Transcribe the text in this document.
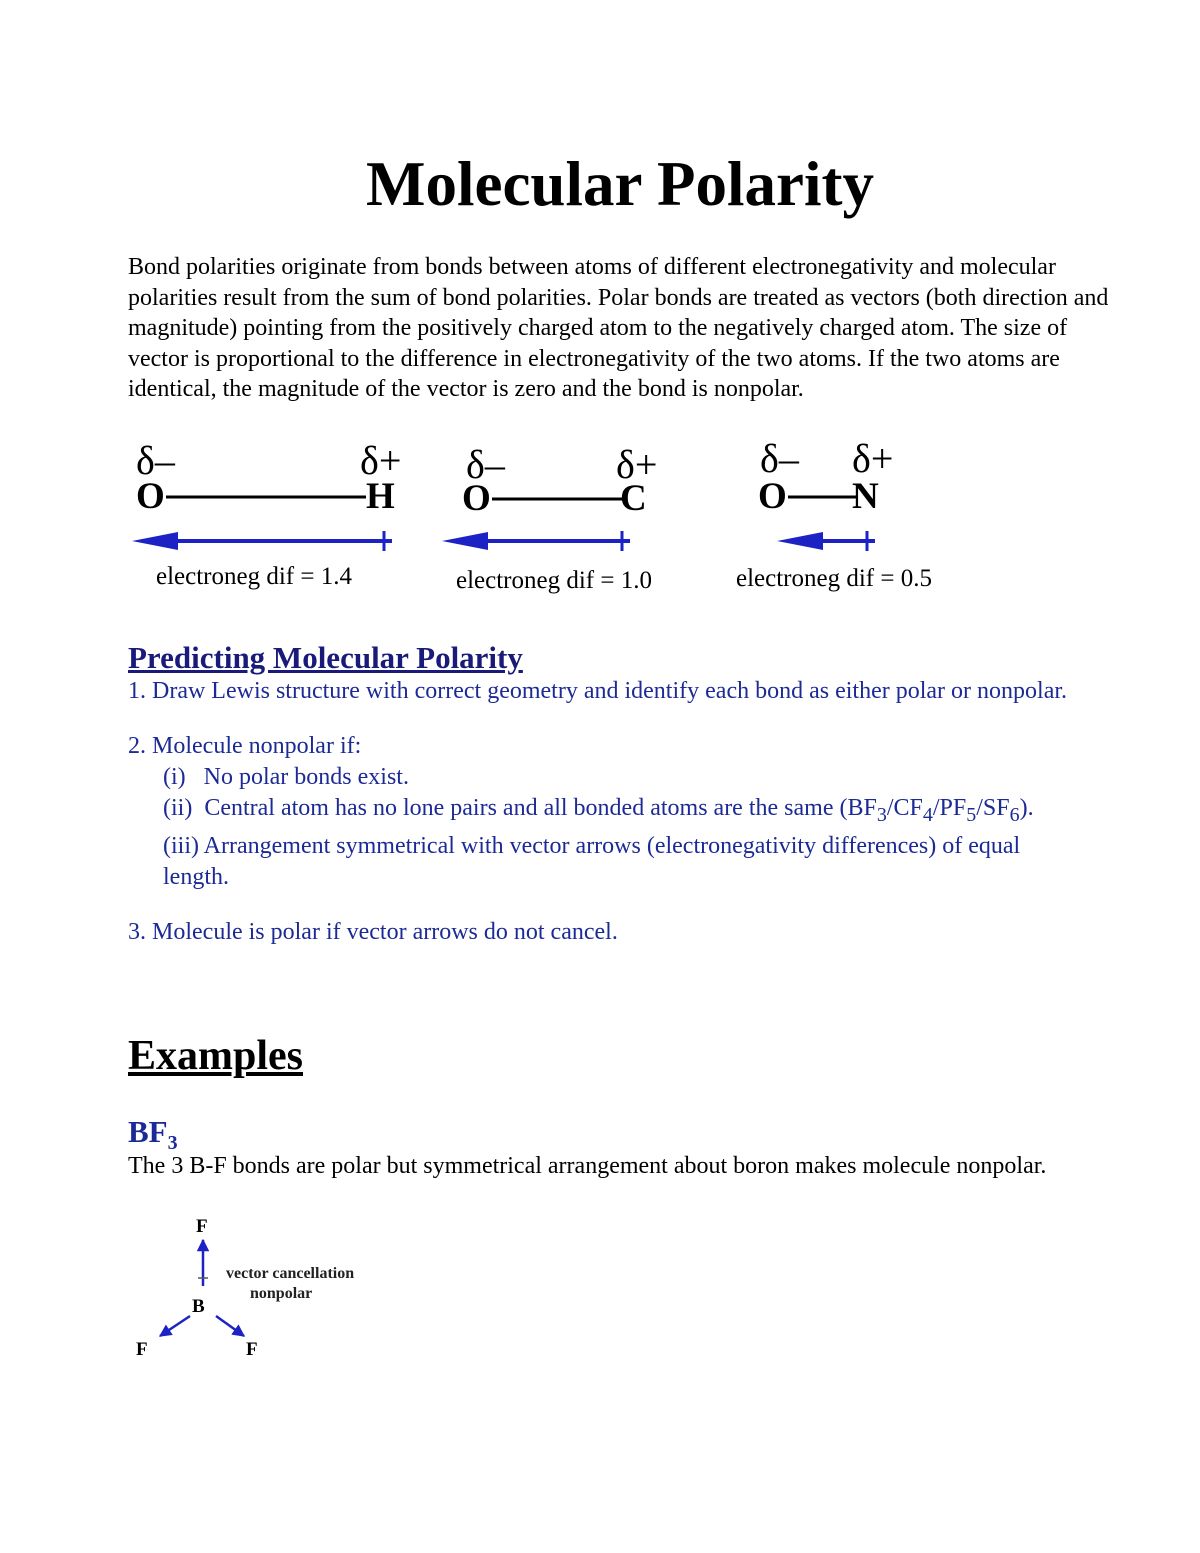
Molecular Polarity

Bond polarities originate from bonds between atoms of different electronegativity and molecular polarities result from the sum of bond polarities. Polar bonds are treated as vectors (both direction and magnitude) pointing from the positively charged atom to the negatively charged atom. The size of vector is proportional to the difference in electronegativity of the two atoms. If the two atoms are identical, the magnitude of the vector is zero and the bond is nonpolar.

δ–	δ+
O	H
electroneg dif = 1.4
δ–	δ+
O	C
electroneg dif = 1.0
δ– δ+
O N
electroneg dif = 0.5
Predicting Molecular Polarity

1. Draw Lewis structure with correct geometry and identify each bond as either polar or nonpolar.

2. Molecule nonpolar if:

(i)   No polar bonds exist.

(ii)  Central atom has no lone pairs and all bonded atoms are the same $(BF_3/CF_4/PF_5/SF_6)$.

(iii) Arrangement symmetrical with vector arrows (electronegativity differences) of equal length.

3. Molecule is polar if vector arrows do not cancel.

Examples
$BF_3$

The 3 B-F bonds are polar but symmetrical arrangement about boron makes molecule nonpolar.

F
B
F	F
vector cancellation
nonpolar
